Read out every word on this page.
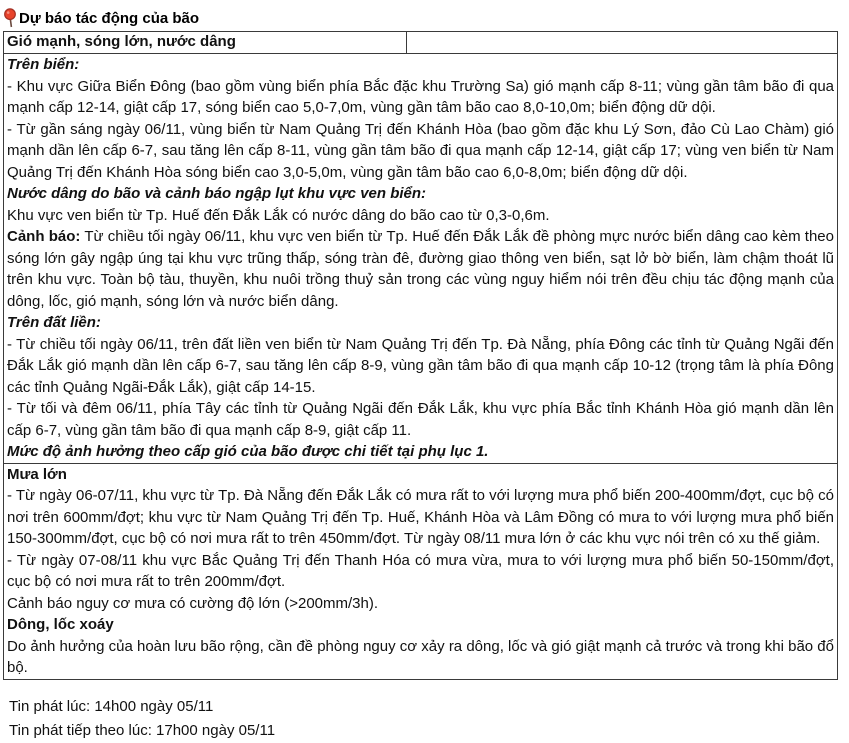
Dự báo tác động của bão
Gió mạnh, sóng lớn, nước dâng	

Trên biển:

- Khu vực Giữa Biển Đông (bao gồm vùng biển phía Bắc đặc khu Trường Sa) gió mạnh cấp 8-11; vùng gần tâm bão đi qua mạnh cấp 12-14, giật cấp 17, sóng biển cao 5,0-7,0m, vùng gần tâm bão cao 8,0-10,0m; biển động dữ dội.

- Từ gần sáng ngày 06/11, vùng biển từ Nam Quảng Trị đến Khánh Hòa (bao gồm đặc khu Lý Sơn, đảo Cù Lao Chàm) gió mạnh dần lên cấp 6-7, sau tăng lên cấp 8-11, vùng gần tâm bão đi qua mạnh cấp 12-14, giật cấp 17; vùng ven biển từ Nam Quảng Trị đến Khánh Hòa sóng biển cao 3,0-5,0m, vùng gần tâm bão cao 6,0-8,0m; biển động dữ dội.

Nước dâng do bão và cảnh báo ngập lụt khu vực ven biển:

Khu vực ven biển từ Tp. Huế đến Đắk Lắk có nước dâng do bão cao từ 0,3-0,6m.

Cảnh báo: Từ chiều tối ngày 06/11, khu vực ven biển từ Tp. Huế đến Đắk Lắk đề phòng mực nước biển dâng cao kèm theo sóng lớn gây ngập úng tại khu vực trũng thấp, sóng tràn đê, đường giao thông ven biển, sạt lở bờ biển, làm chậm thoát lũ trên khu vực. Toàn bộ tàu, thuyền, khu nuôi trồng thuỷ sản trong các vùng nguy hiểm nói trên đều chịu tác động mạnh của dông, lốc, gió mạnh, sóng lớn và nước biển dâng.

Trên đất liền:

- Từ chiều tối ngày 06/11, trên đất liền ven biển từ Nam Quảng Trị đến Tp. Đà Nẵng, phía Đông các tỉnh từ Quảng Ngãi đến Đắk Lắk gió mạnh dần lên cấp 6-7, sau tăng lên cấp 8-9, vùng gần tâm bão đi qua mạnh cấp 10-12 (trọng tâm là phía Đông các tỉnh Quảng Ngãi-Đắk Lắk), giật cấp 14-15.

- Từ tối và đêm 06/11, phía Tây các tỉnh từ Quảng Ngãi đến Đắk Lắk, khu vực phía Bắc tỉnh Khánh Hòa gió mạnh dần lên cấp 6-7, vùng gần tâm bão đi qua mạnh cấp 8-9, giật cấp 11.

Mức độ ảnh hưởng theo cấp gió của bão được chi tiết tại phụ lục 1.

Mưa lớn

- Từ ngày 06-07/11, khu vực từ Tp. Đà Nẵng đến Đắk Lắk có mưa rất to với lượng mưa phổ biến 200-400mm/đợt, cục bộ có nơi trên 600mm/đợt; khu vực từ Nam Quảng Trị đến Tp. Huế, Khánh Hòa và Lâm Đồng có mưa to với lượng mưa phổ biến 150-300mm/đợt, cục bộ có nơi mưa rất to trên 450mm/đợt. Từ ngày 08/11 mưa lớn ở các khu vực nói trên có xu thế giảm.

- Từ ngày 07-08/11 khu vực Bắc Quảng Trị đến Thanh Hóa có mưa vừa, mưa to với lượng mưa phổ biến 50-150mm/đợt, cục bộ có nơi mưa rất to trên 200mm/đợt.

Cảnh báo nguy cơ mưa có cường độ lớn (>200mm/3h).

Dông, lốc xoáy

Do ảnh hưởng của hoàn lưu bão rộng, cần đề phòng nguy cơ xảy ra dông, lốc và gió giật mạnh cả trước và trong khi bão đổ bộ.

Tin phát lúc: 14h00 ngày 05/11

Tin phát tiếp theo lúc: 17h00 ngày 05/11
